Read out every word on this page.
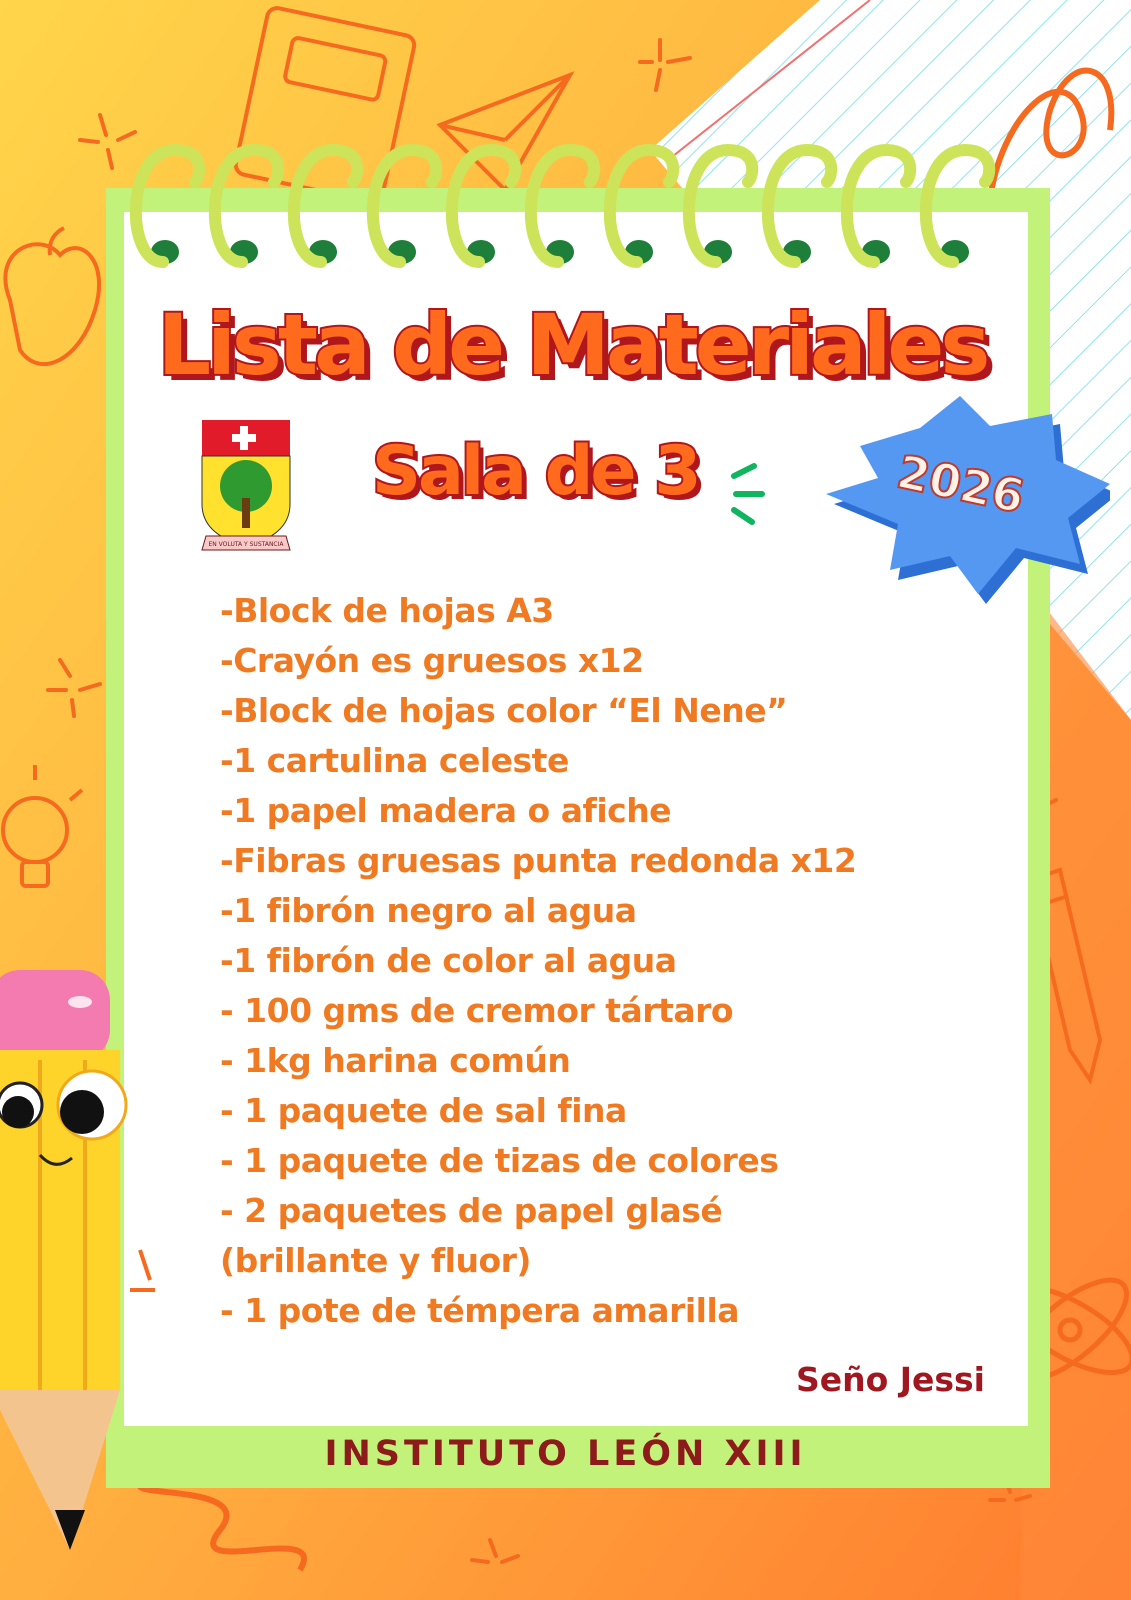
EN VOLUTA Y SUSTANCIA
Lista de Materiales
Sala de 3	2026
-Block de hojas A3
-Crayón es gruesos x12
-Block de hojas color “El Nene”
-1 cartulina celeste
-1 papel madera o afiche
-Fibras gruesas punta redonda x12
-1 fibrón negro al agua
-1 fibrón de color al agua
- 100 gms de cremor tártaro
- 1kg harina común
- 1 paquete de sal fina
- 1 paquete de tizas de colores
- 2 paquetes de papel glasé
(brillante y fluor)
- 1 pote de témpera amarilla
Seño Jessi
INSTITUTO LEÓN XIII
